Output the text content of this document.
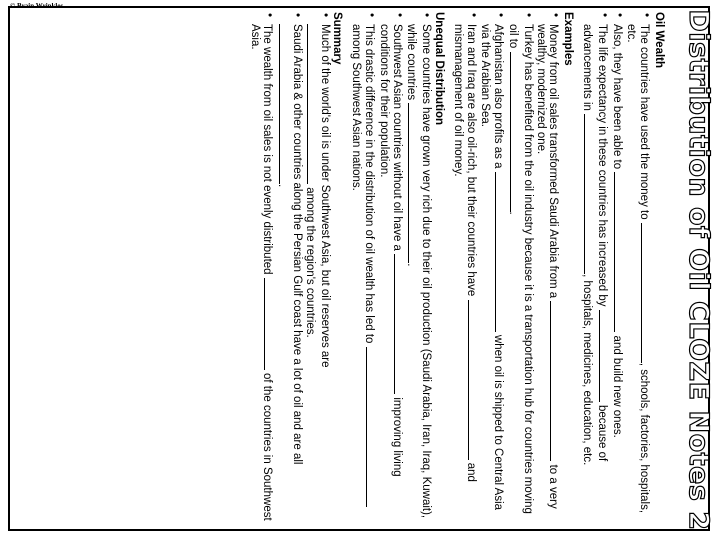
Distribution of Oil CLOZE Notes 2
Oil Wealth
• The countries have used the money to , schools, factories, hospitals, etc.
• Also, they have been able to  and build new ones.
• The life expectancy in these countries has increased by  because of advancements in , hospitals, medicines, education, etc.
Examples
• Money from oil sales transformed Saudi Arabia from a  to a very wealthy, modernized one.
• Turkey has benefited from the oil industry because it is a transportation hub for countries moving oil to .
• Afghanistan also profits as a  when oil is shipped to Central Asia via the Arabian Sea.
• Iran and Iraq are also oil-rich, but their countries have  and mismanagement of oil money.
Unequal Distribution
• Some countries have grown very rich due to their oil production (Saudi Arabia, Iran, Iraq, Kuwait), while countries .
• Southwest Asian countries without oil have a  improving living conditions for their population.
• This drastic difference in the distribution of oil wealth has led to  among Southwest Asian nations.
Summary
• Much of the world's oil is under Southwest Asia, but oil reserves are  among the region's countries.
• Saudi Arabia & other countries along the Persian Gulf coast have a lot of oil and are all .
• The wealth from oil sales is not evenly distributed  of the countries in Southwest Asia.
© Brain Wrinkles
